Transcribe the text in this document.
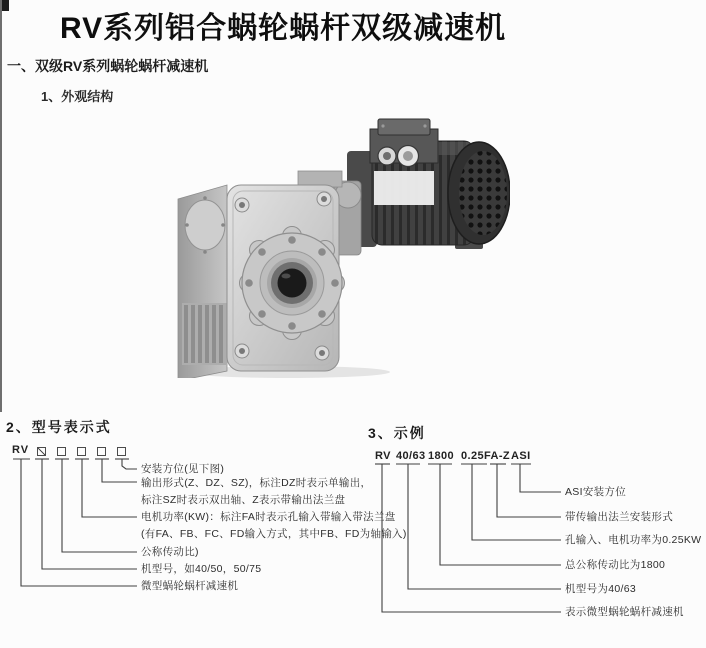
RV系列铝合蜗轮蜗杆双级减速机
一、双级RV系列蜗轮蜗杆减速机
1、外观结构
2、型号表示式
RV
安装方位(见下图)
输出形式(Z、DZ、SZ)，标注DZ时表示单输出，
标注SZ时表示双出轴、Z表示带输出法兰盘
电机功率(KW)：标注FA时表示孔输入带输入带法兰盘
(有FA、FB、FC、FD输入方式，其中FB、FD为轴输入)
公称传动比)
机型号，如40/50，50/75
微型蜗轮蜗杆减速机
3、示例
RV 40/63 1800 0.25FA-Z ASI
ASI安装方位
带传输出法兰安装形式
孔输入、电机功率为0.25KW
总公称传动比为1800
机型号为40/63
表示微型蜗轮蜗杆减速机
